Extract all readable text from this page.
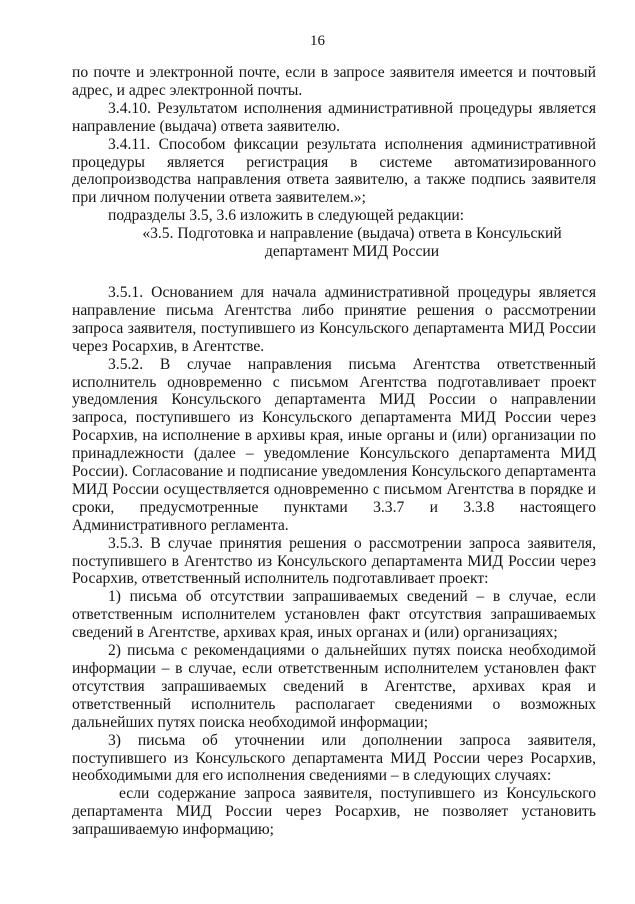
16

по почте и электронной почте, если в запросе заявителя имеется и почтовый адрес, и адрес электронной почты.

3.4.10. Результатом исполнения административной процедуры является направление (выдача) ответа заявителю.

3.4.11. Способом фиксации результата исполнения административной процедуры является регистрация в системе автоматизированного делопроизводства направления ответа заявителю, а также подпись заявителя при личном получении ответа заявителем.»;

подразделы 3.5, 3.6 изложить в следующей редакции:

«3.5. Подготовка и направление (выдача) ответа в Консульский департамент МИД России

3.5.1. Основанием для начала административной процедуры является направление письма Агентства либо принятие решения о рассмотрении запроса заявителя, поступившего из Консульского департамента МИД России через Росархив, в Агентстве.

3.5.2. В случае направления письма Агентства ответственный исполнитель одновременно с письмом Агентства подготавливает проект уведомления Консульского департамента МИД России о направлении запроса, поступившего из Консульского департамента МИД России через Росархив, на исполнение в архивы края, иные органы и (или) организации по принадлежности (далее – уведомление Консульского департамента МИД России). Согласование и подписание уведомления Консульского департамента МИД России осуществляется одновременно с письмом Агентства в порядке и сроки, предусмотренные пунктами 3.3.7 и 3.3.8 настоящего Административного регламента.

3.5.3. В случае принятия решения о рассмотрении запроса заявителя, поступившего в Агентство из Консульского департамента МИД России через Росархив, ответственный исполнитель подготавливает проект:

1) письма об отсутствии запрашиваемых сведений – в случае, если ответственным исполнителем установлен факт отсутствия запрашиваемых сведений в Агентстве, архивах края, иных органах и (или) организациях;

2) письма с рекомендациями о дальнейших путях поиска необходимой информации – в случае, если ответственным исполнителем установлен факт отсутствия запрашиваемых сведений в Агентстве, архивах края и ответственный исполнитель располагает сведениями о возможных дальнейших путях поиска необходимой информации;

3) письма об уточнении или дополнении запроса заявителя, поступившего из Консульского департамента МИД России через Росархив, необходимыми для его исполнения сведениями – в следующих случаях:

если содержание запроса заявителя, поступившего из Консульского департамента МИД России через Росархив, не позволяет установить запрашиваемую информацию;
